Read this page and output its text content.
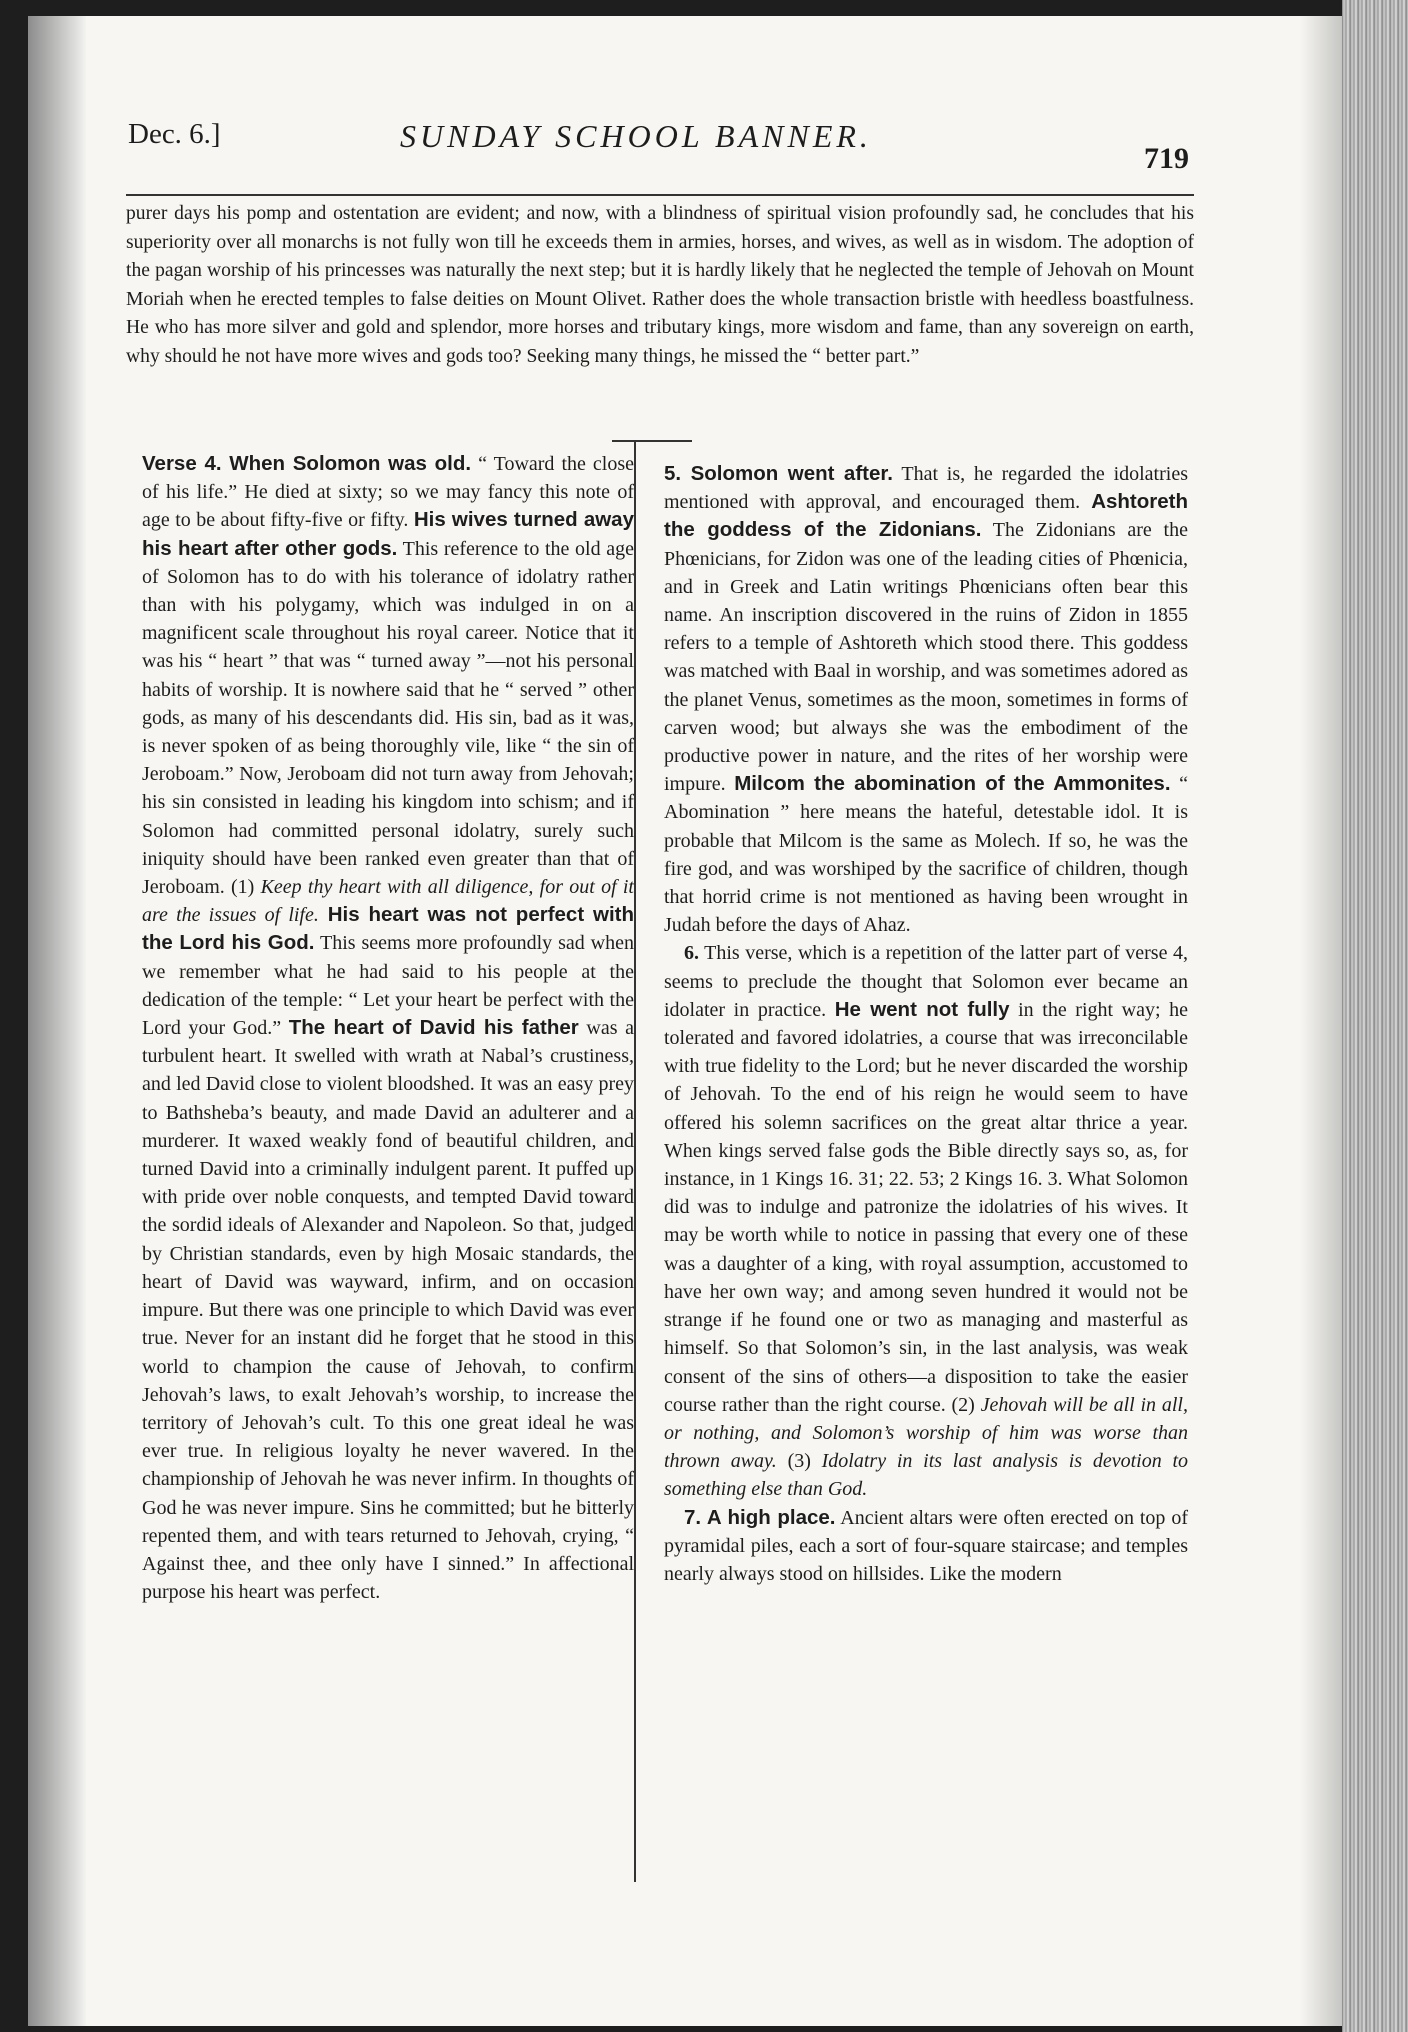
Dec. 6.]	SUNDAY SCHOOL BANNER.
719

purer days his pomp and ostentation are evident; and now, with a blindness of spiritual vision profoundly sad, he concludes that his superiority over all monarchs is not fully won till he exceeds them in armies, horses, and wives, as well as in wisdom. The adoption of the pagan worship of his princesses was naturally the next step; but it is hardly likely that he neglected the temple of Jehovah on Mount Moriah when he erected temples to false deities on Mount Olivet. Rather does the whole transaction bristle with heedless boastfulness. He who has more silver and gold and splendor, more horses and tributary kings, more wisdom and fame, than any sovereign on earth, why should he not have more wives and gods too? Seeking many things, he missed the “ better part.”

Verse 4. When Solomon was old. “ Toward the close of his life.” He died at sixty; so we may fancy this note of age to be about fifty-five or fifty. His wives turned away his heart after other gods. This reference to the old age of Solomon has to do with his tolerance of idolatry rather than with his polygamy, which was indulged in on a magnificent scale throughout his royal career. Notice that it was his “ heart ” that was “ turned away ”—not his personal habits of worship. It is nowhere said that he “ served ” other gods, as many of his descendants did. His sin, bad as it was, is never spoken of as being thoroughly vile, like “ the sin of Jeroboam.” Now, Jeroboam did not turn away from Jehovah; his sin consisted in leading his kingdom into schism; and if Solomon had committed personal idolatry, surely such iniquity should have been ranked even greater than that of Jeroboam. (1) Keep thy heart with all diligence, for out of it are the issues of life. His heart was not perfect with the Lord his God. This seems more profoundly sad when we remember what he had said to his people at the dedication of the temple: “ Let your heart be perfect with the Lord your God.” The heart of David his father was a turbulent heart. It swelled with wrath at Nabal’s crustiness, and led David close to violent bloodshed. It was an easy prey to Bathsheba’s beauty, and made David an adulterer and a murderer. It waxed weakly fond of beautiful children, and turned David into a criminally indulgent parent. It puffed up with pride over noble conquests, and tempted David toward the sordid ideals of Alexander and Napoleon. So that, judged by Christian standards, even by high Mosaic standards, the heart of David was wayward, infirm, and on occasion impure. But there was one principle to which David was ever true. Never for an instant did he forget that he stood in this world to champion the cause of Jehovah, to confirm Jehovah’s laws, to exalt Jehovah’s worship, to increase the territory of Jehovah’s cult. To this one great ideal he was ever true. In religious loyalty he never wavered. In the championship of Jehovah he was never infirm. In thoughts of God he was never impure. Sins he committed; but he bitterly repented them, and with tears returned to Jehovah, crying, “ Against thee, and thee only have I sinned.” In affectional purpose his heart was perfect.

5. Solomon went after. That is, he regarded the idolatries mentioned with approval, and encouraged them. Ashtoreth the goddess of the Zidonians. The Zidonians are the Phœnicians, for Zidon was one of the leading cities of Phœnicia, and in Greek and Latin writings Phœnicians often bear this name. An inscription discovered in the ruins of Zidon in 1855 refers to a temple of Ashtoreth which stood there. This goddess was matched with Baal in worship, and was sometimes adored as the planet Venus, sometimes as the moon, sometimes in forms of carven wood; but always she was the embodiment of the productive power in nature, and the rites of her worship were impure. Milcom the abomination of the Ammonites. “ Abomination ” here means the hateful, detestable idol. It is probable that Milcom is the same as Molech. If so, he was the fire god, and was worshiped by the sacrifice of children, though that horrid crime is not mentioned as having been wrought in Judah before the days of Ahaz.

6. This verse, which is a repetition of the latter part of verse 4, seems to preclude the thought that Solomon ever became an idolater in practice. He went not fully in the right way; he tolerated and favored idolatries, a course that was irreconcilable with true fidelity to the Lord; but he never discarded the worship of Jehovah. To the end of his reign he would seem to have offered his solemn sacrifices on the great altar thrice a year. When kings served false gods the Bible directly says so, as, for instance, in 1 Kings 16. 31; 22. 53; 2 Kings 16. 3. What Solomon did was to indulge and patronize the idolatries of his wives. It may be worth while to notice in passing that every one of these was a daughter of a king, with royal assumption, accustomed to have her own way; and among seven hundred it would not be strange if he found one or two as managing and masterful as himself. So that Solomon’s sin, in the last analysis, was weak consent of the sins of others—a disposition to take the easier course rather than the right course. (2) Jehovah will be all in all, or nothing, and Solomon’s worship of him was worse than thrown away. (3) Idolatry in its last analysis is devotion to something else than God.

7. A high place. Ancient altars were often erected on top of pyramidal piles, each a sort of four-square staircase; and temples nearly always stood on hillsides. Like the modern
